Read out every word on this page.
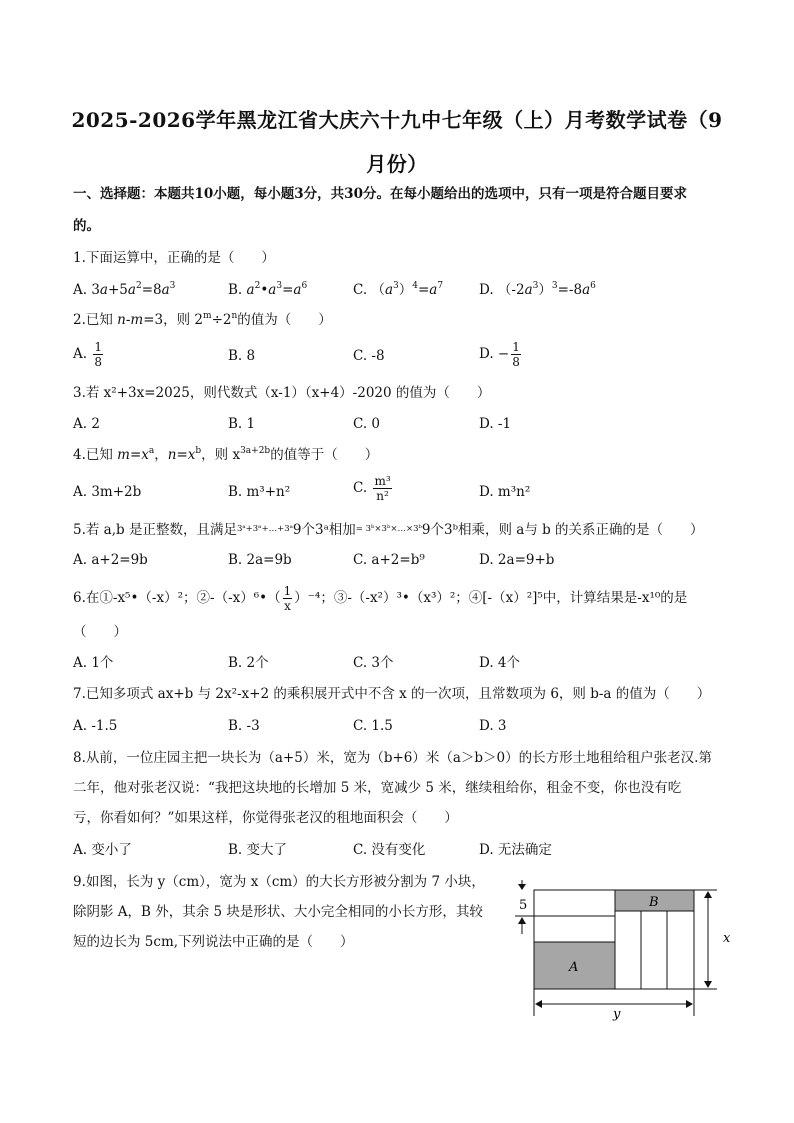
2025-2026学年黑龙江省大庆六十九中七年级（上）月考数学试卷（9
月份）
一、选择题：本题共10小题，每小题3分，共30分。在每小题给出的选项中，只有一项是符合题目要求
的。
1.下面运算中，正确的是（　　）
A. $3a+5a^2=8a^3$	B. $a^2•a^3=a^6$	C. $(a^3)^4=a^7$	D. $(-2a^3)^3=-8a^6$
2.已知 n-m=3，则 $2^m\div 2^n$的值为（　　）
A. $\frac{1}{8}$	B. 8	C. -8	D. − $\frac{1}{8}$
3.若 x²+3x=2025，则代数式（x-1）（x+4）-2020 的值为（　　）
A. 2	B. 1	C. 0	D. -1
4.已知 $m=x^a$，$n=x^b$，则 $x^{3a+2b}$的值等于（　　）
A. 3m+2b	B. m³+n²	C. $\frac{\text{m³}}{\text{n²}}$	D. m³n²
5.若 a,b 是正整数，且满足$^{3ᵃ+3ᵃ+\dots+3ᵃ}$9个3ᵃ相加= $^{3ᵇ\times 3ᵇ\times\dots\times 3ᵇ}$9个3ᵇ相乘，则 a与 b 的关系正确的是（　　）
A. a+2=9b	B. 2a=9b	C. a+2=b⁹	D. 2a=9+b
6.在①-x⁵•（-x）²；②-（-x）⁶•（ $\frac{1}{x} )^{-4}$；③-（-x²）³•（x³）²；④[-（x）²]⁵中，计算结果是-x¹⁰的是
（　　）
A. 1个	B. 2个	C. 3个	D. 4个
7.已知多项式 ax+b 与 2x²-x+2 的乘积展开式中不含 x 的一次项，且常数项为 6，则 b-a 的值为（　　）
A. -1.5	B. -3	C. 1.5	D. 3
8.从前，一位庄园主把一块长为（a+5）米，宽为（b+6）米（a＞b＞0）的长方形土地租给租户张老汉.第
二年，他对张老汉说：“我把这块地的长增加 5 米，宽减少 5 米，继续租给你，租金不变，你也没有吃
亏，你看如何？”如果这样，你觉得张老汉的租地面积会（　　）
A. 变小了	B. 变大了	C. 没有变化	D. 无法确定
9.如图，长为 y（cm），宽为 x（cm）的大长方形被分割为 7 小块，
除阴影 A，B 外，其余 5 块是形状、大小完全相同的小长方形，其较
短的边长为 5cm,下列说法中正确的是（　　）
5	B
A
x
y
